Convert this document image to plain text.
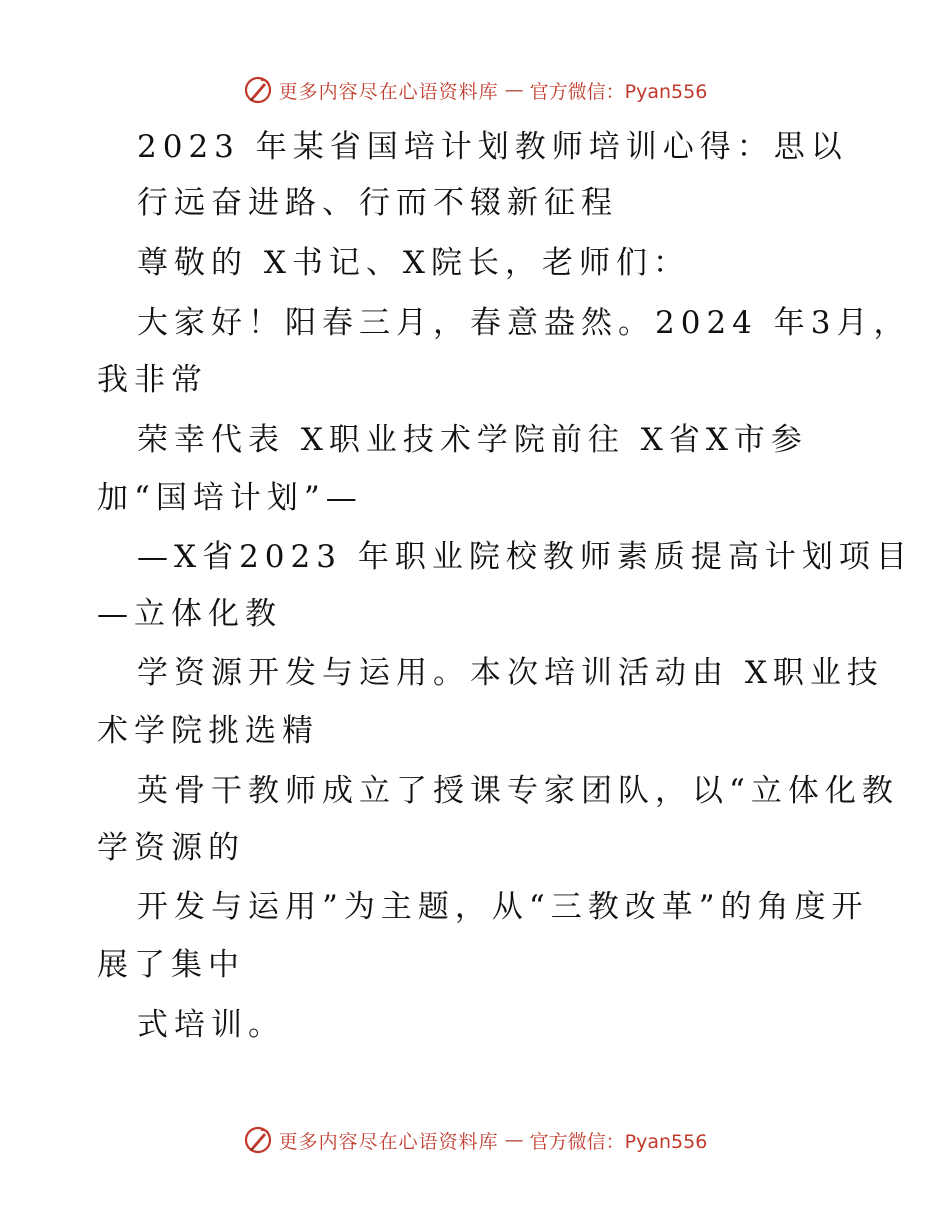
更多内容尽在心语资料库 — 官方微信：Pyan556
2023 年某省国培计划教师培训心得：思以
行远奋进路、行而不辍新征程
尊敬的 X书记、X院长，老师们：
大家好！阳春三月，春意盎然。2024 年3月，
我非常
荣幸代表 X职业技术学院前往 X省X市参
加“国培计划”—
—X省2023 年职业院校教师素质提高计划项目
—立体化教
学资源开发与运用。本次培训活动由 X职业技
术学院挑选精
英骨干教师成立了授课专家团队，以“立体化教
学资源的
开发与运用”为主题，从“三教改革”的角度开
展了集中
式培训。
更多内容尽在心语资料库 — 官方微信：Pyan556
